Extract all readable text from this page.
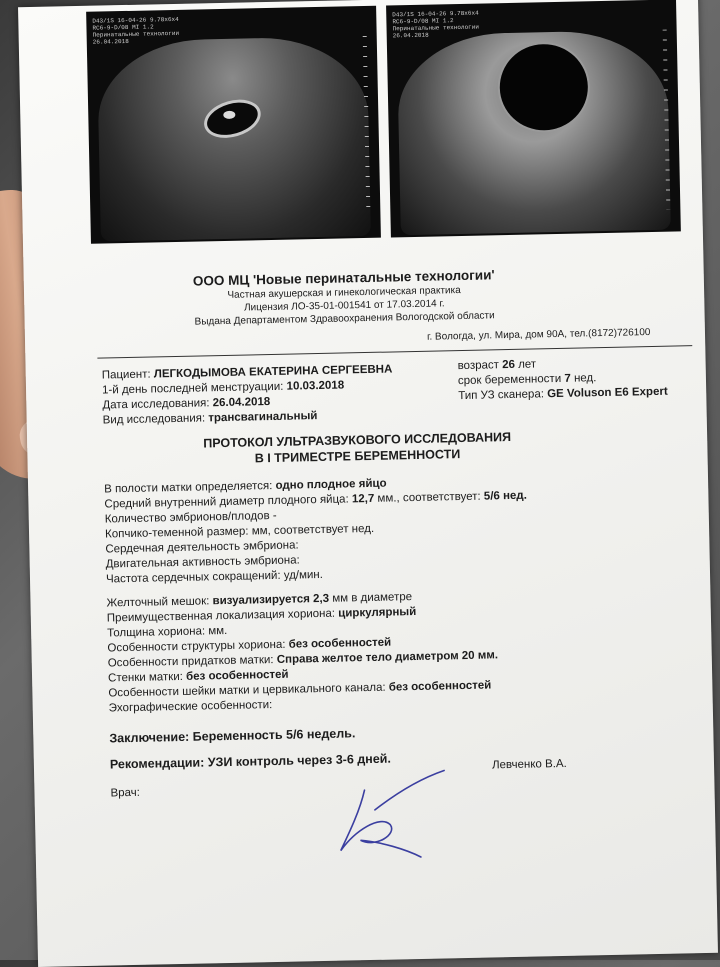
D43/1S 16-04-26 9.78x6x4
RC6-9-D/08 MI 1.2
Перинатальные технологии
26.04.2018
D43/1S 16-04-26 9.78x6x4
RC6-9-D/08 MI 1.2
Перинатальные технологии
26.04.2018
ООО МЦ 'Новые перинатальные технологии'
Частная акушерская и гинекологическая практика
Лицензия ЛО-35-01-001541 от 17.03.2014 г.
Выдана Департаментом Здравоохранения Вологодской области
г. Вологда, ул. Мира, дом 90А, тел.(8172)726100
Пациент: ЛЕГКОДЫМОВА ЕКАТЕРИНА СЕРГЕЕВНА
1-й день последней менструации: 10.03.2018
Дата исследования: 26.04.2018
Вид исследования: трансвагинальный
возраст 26 лет
срок беременности 7 нед.
Тип УЗ сканера: GE Voluson E6 Expert
ПРОТОКОЛ УЛЬТРАЗВУКОВОГО ИССЛЕДОВАНИЯ
В I ТРИМЕСТРЕ БЕРЕМЕННОСТИ
В полости матки определяется: одно плодное яйцо
Средний внутренний диаметр плодного яйца: 12,7 мм., соответствует: 5/6 нед.
Количество эмбрионов/плодов -
Копчико-теменной размер: мм, соответствует нед.
Сердечная деятельность эмбриона:
Двигательная активность эмбриона:
Частота сердечных сокращений: уд/мин.
Желточный мешок: визуализируется 2,3 мм в диаметре
Преимущественная локализация хориона: циркулярный
Толщина хориона: мм.
Особенности структуры хориона: без особенностей
Особенности придатков матки: Справа желтое тело диаметром 20 мм.
Стенки матки: без особенностей
Особенности шейки матки и цервикального канала: без особенностей
Эхографические особенности:
Заключение: Беременность 5/6 недель.
Рекомендации: УЗИ контроль через 3-6 дней.
Врач:
Левченко В.А.
